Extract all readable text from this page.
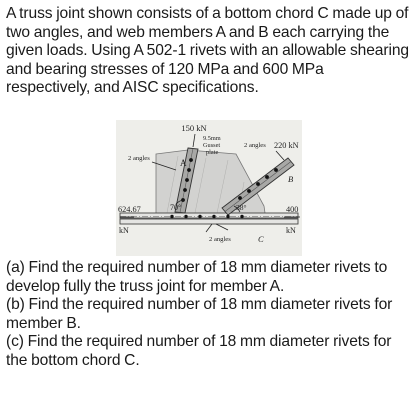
A truss joint shown consists of a bottom chord C made up of two angles, and web members A and B each carrying the given loads. Using A 502-1 rivets with an allowable shearing and bearing stresses of 120 MPa and 600 MPa respectively, and AISC specifications.
150 kN
9.5mm
Gusset
plate
2 angles	A
2 angles 220 kN
B
70°	38°
624.67
kN
400
kN
2 angles	C

(a) Find the required number of 18 mm diameter rivets to develop fully the truss joint for member A.

(b) Find the required number of 18 mm diameter rivets for member B.

(c) Find the required number of 18 mm diameter rivets for the bottom chord C.
